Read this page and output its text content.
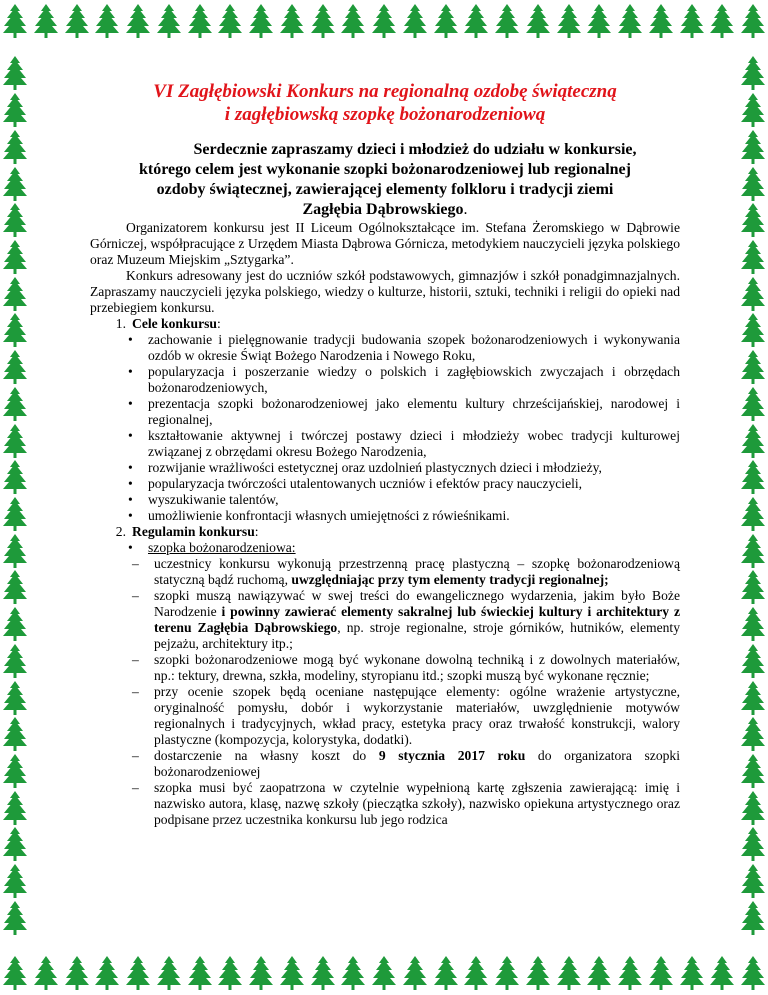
VI Zagłębiowski Konkurs na regionalną ozdobę świąteczną
i zagłębiowską szopkę bożonarodzeniową
Serdecznie zapraszamy dzieci i młodzież do udziału w konkursie,
którego celem jest wykonanie szopki bożonarodzeniowej lub regionalnej
ozdoby świątecznej, zawierającej elementy folkloru i tradycji ziemi
Zagłębia Dąbrowskiego.

Organizatorem konkursu jest II Liceum Ogólnokształcące im. Stefana Żeromskiego w Dąbrowie Górniczej, współpracujące z Urzędem Miasta Dąbrowa Górnicza, metodykiem nauczycieli języka polskiego oraz Muzeum Miejskim „Sztygarka”.

Konkurs adresowany jest do uczniów szkół podstawowych, gimnazjów i szkół ponadgimnazjalnych. Zapraszamy nauczycieli języka polskiego, wiedzy o kulturze, historii, sztuki, techniki i religii do opieki nad przebiegiem konkursu.

1. Cele konkursu:
• zachowanie i pielęgnowanie tradycji budowania szopek bożonarodzeniowych i wykonywania ozdób w okresie Świąt Bożego Narodzenia i Nowego Roku,
• popularyzacja i poszerzanie wiedzy o polskich i zagłębiowskich zwyczajach i obrzędach bożonarodzeniowych,
• prezentacja szopki bożonarodzeniowej jako elementu kultury chrześcijańskiej, narodowej i regionalnej,
• kształtowanie aktywnej i twórczej postawy dzieci i młodzieży wobec tradycji kulturowej związanej z obrzędami okresu Bożego Narodzenia,
• rozwijanie wrażliwości estetycznej oraz uzdolnień plastycznych dzieci i młodzieży,
• popularyzacja twórczości utalentowanych uczniów i efektów pracy nauczycieli,
• wyszukiwanie talentów,
• umożliwienie konfrontacji własnych umiejętności z rówieśnikami.
2. Regulamin konkursu:
• szopka bożonarodzeniowa:
– uczestnicy konkursu wykonują przestrzenną pracę plastyczną – szopkę bożonarodzeniową statyczną bądź ruchomą, uwzględniając przy tym elementy tradycji regionalnej;
– szopki muszą nawiązywać w swej treści do ewangelicznego wydarzenia, jakim było Boże Narodzenie i powinny zawierać elementy sakralnej lub świeckiej kultury i architektury z terenu Zagłębia Dąbrowskiego, np. stroje regionalne, stroje górników, hutników, elementy pejzażu, architektury itp.;
– szopki bożonarodzeniowe mogą być wykonane dowolną techniką i z dowolnych materiałów, np.: tektury, drewna, szkła, modeliny, styropianu itd.; szopki muszą być wykonane ręcznie;
– przy ocenie szopek będą oceniane następujące elementy: ogólne wrażenie artystyczne, oryginalność pomysłu, dobór i wykorzystanie materiałów, uwzględnienie motywów regionalnych i tradycyjnych, wkład pracy, estetyka pracy oraz trwałość konstrukcji, walory plastyczne (kompozycja, kolorystyka, dodatki).
– dostarczenie na własny koszt do 9 stycznia 2017 roku do organizatora szopki bożonarodzeniowej
– szopka musi być zaopatrzona w czytelnie wypełnioną kartę zgłszenia zawierającą: imię i nazwisko autora, klasę, nazwę szkoły (pieczątka szkoły), nazwisko opiekuna artystycznego oraz podpisane przez uczestnika konkursu lub jego rodzica
